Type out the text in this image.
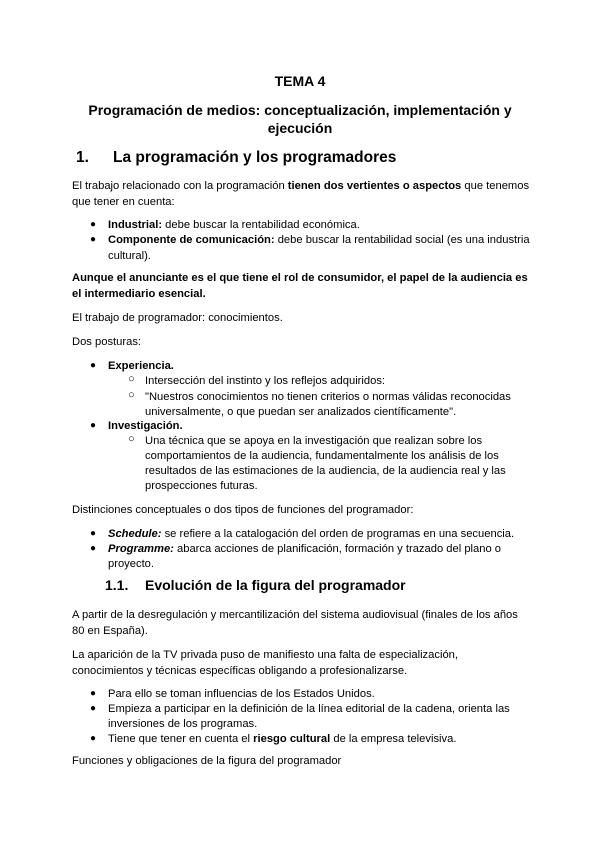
TEMA 4
Programación de medios: conceptualización, implementación y
ejecución
1. La programación y los programadores
El trabajo relacionado con la programación tienen dos vertientes o aspectos que tenemos
que tener en cuenta:
● Industrial: debe buscar la rentabilidad económica.
● Componente de comunicación: debe buscar la rentabilidad social (es una industria
cultural).
Aunque el anunciante es el que tiene el rol de consumidor, el papel de la audiencia es
el intermediario esencial.
El trabajo de programador: conocimientos.
Dos posturas:
● Experiencia.
○ Intersección del instinto y los reflejos adquiridos:
○ "Nuestros conocimientos no tienen criterios o normas válidas reconocidas
universalmente, o que puedan ser analizados científicamente".
● Investigación.
○ Una técnica que se apoya en la investigación que realizan sobre los
comportamientos de la audiencia, fundamentalmente los análisis de los
resultados de las estimaciones de la audiencia, de la audiencia real y las
prospecciones futuras.
Distinciones conceptuales o dos tipos de funciones del programador:
● Schedule: se refiere a la catalogación del orden de programas en una secuencia.
● Programme: abarca acciones de planificación, formación y trazado del plano o
proyecto.
1.1. Evolución de la figura del programador
A partir de la desregulación y mercantilización del sistema audiovisual (finales de los años
80 en España).
La aparición de la TV privada puso de manifiesto una falta de especialización,
conocimientos y técnicas específicas obligando a profesionalizarse.
● Para ello se toman influencias de los Estados Unidos.
● Empieza a participar en la definición de la línea editorial de la cadena, orienta las
inversiones de los programas.
● Tiene que tener en cuenta el riesgo cultural de la empresa televisiva.
Funciones y obligaciones de la figura del programador
